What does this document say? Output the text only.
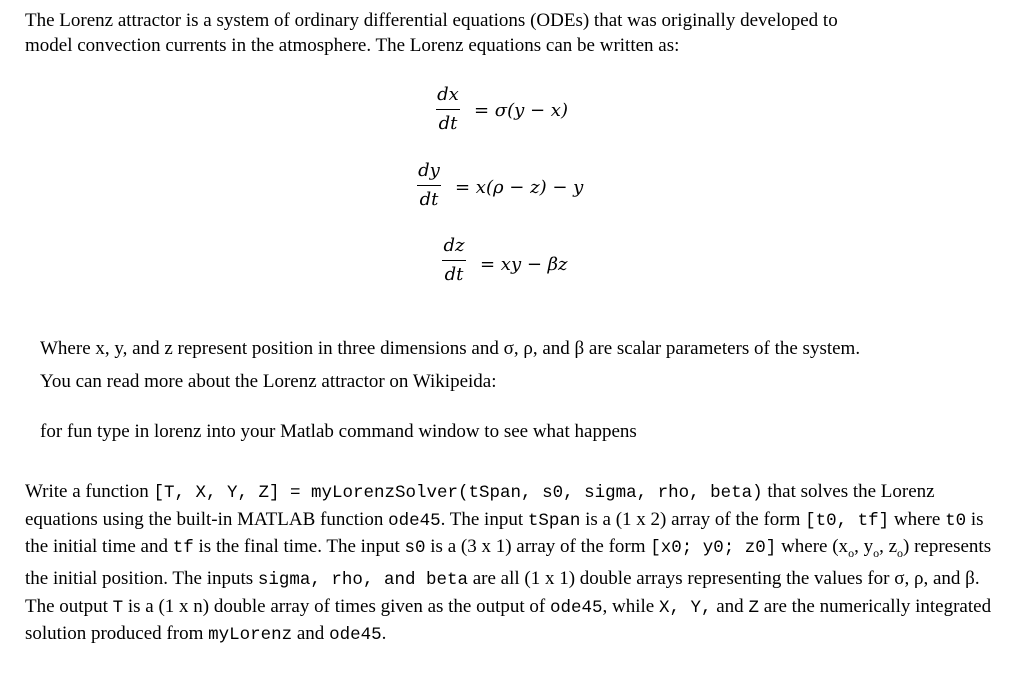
The Lorenz attractor is a system of ordinary differential equations (ODEs) that was originally developed to
model convection currents in the atmosphere. The Lorenz equations can be written as:
dx
dt
= σ(y − x)
dy
dt
= x(ρ − z) − y
dz
dt = xy − βz
Where x, y, and z represent position in three dimensions and σ, ρ, and β are scalar parameters of the system.
You can read more about the Lorenz attractor on Wikipeida:
for fun type in lorenz into your Matlab command window to see what happens
Write a function [T, X, Y, Z] = myLorenzSolver(tSpan, s0, sigma, rho, beta) that solves the Lorenz equations using the built-in MATLAB function ode45. The input tSpan is a (1 x 2) array of the form [t0, tf] where t0 is the initial time and tf is the final time. The input s0 is a (3 x 1) array of the form [x0; y0; z0] where ($x_o$, $y_o$, $z_o$) represents the initial position. The inputs sigma, rho, and beta are all (1 x 1) double arrays representing the values for σ, ρ, and β. The output T is a (1 x n) double array of times given as the output of ode45, while X, Y, and Z are the numerically integrated solution produced from myLorenz and ode45.
